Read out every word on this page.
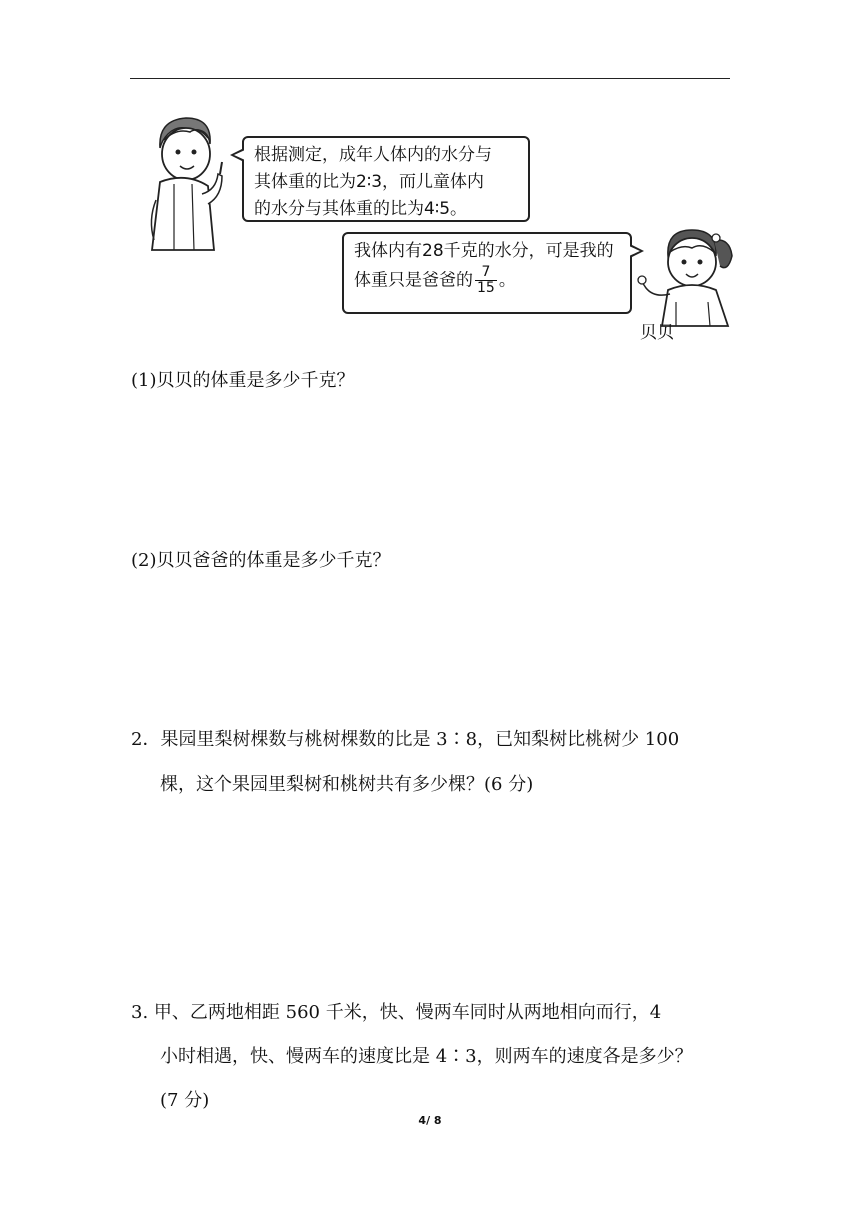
根据测定，成年人体内的水分与
其体重的比为2∶3，而儿童体内
的水分与其体重的比为4∶5。
我体内有28千克的水分，可是我的
体重只是爸爸的 $\frac{7}{15}$ 。
贝贝
(1)贝贝的体重是多少千克？
(2)贝贝爸爸的体重是多少千克？
2．果园里梨树棵数与桃树棵数的比是 3∶8，已知梨树比桃树少 100
棵，这个果园里梨树和桃树共有多少棵？(6 分)
3. 甲、乙两地相距 560 千米，快、慢两车同时从两地相向而行，4
小时相遇，快、慢两车的速度比是 4∶3，则两车的速度各是多少？
(7 分)
4/ 8
